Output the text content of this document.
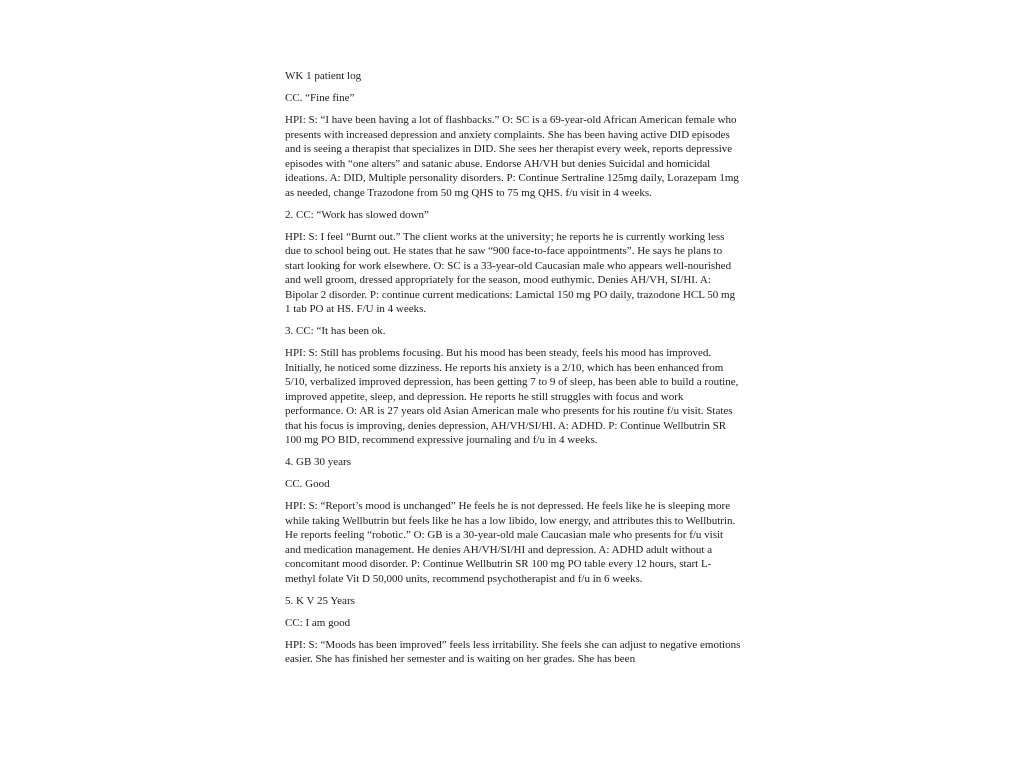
WK 1 patient log

CC. “Fine fine”

HPI: S: “I have been having a lot of flashbacks.” O: SC is a 69-year-old African American female who presents with increased depression and anxiety complaints. She has been having active DID episodes and is seeing a therapist that specializes in DID. She sees her therapist every week, reports depressive episodes with “one alters” and satanic abuse. Endorse AH/VH but denies Suicidal and homicidal ideations. A: DID, Multiple personality disorders. P: Continue Sertraline 125mg daily, Lorazepam 1mg as needed, change Trazodone from 50 mg QHS to 75 mg QHS. f/u visit in 4 weeks.

2. CC: “Work has slowed down”

HPI: S: I feel “Burnt out.” The client works at the university; he reports he is currently working less due to school being out. He states that he saw “900 face-to-face appointments”. He says he plans to start looking for work elsewhere. O: SC is a 33-year-old Caucasian male who appears well-nourished and well groom, dressed appropriately for the season, mood euthymic. Denies AH/VH, SI/HI. A: Bipolar 2 disorder. P: continue current medications: Lamictal 150 mg PO daily, trazodone HCL 50 mg 1 tab PO at HS. F/U in 4 weeks.

3. CC: “It has been ok.

HPI: S: Still has problems focusing. But his mood has been steady, feels his mood has improved. Initially, he noticed some dizziness. He reports his anxiety is a 2/10, which has been enhanced from 5/10, verbalized improved depression, has been getting 7 to 9 of sleep, has been able to build a routine, improved appetite, sleep, and depression. He reports he still struggles with focus and work performance. O: AR is 27 years old Asian American male who presents for his routine f/u visit. States that his focus is improving, denies depression, AH/VH/SI/HI. A: ADHD. P: Continue Wellbutrin SR 100 mg PO BID, recommend expressive journaling and f/u in 4 weeks.

4. GB 30 years

CC. Good

HPI: S: “Report’s mood is unchanged” He feels he is not depressed. He feels like he is sleeping more while taking Wellbutrin but feels like he has a low libido, low energy, and attributes this to Wellbutrin. He reports feeling “robotic.” O: GB is a 30-year-old male Caucasian male who presents for f/u visit and medication management. He denies AH/VH/SI/HI and depression. A: ADHD adult without a concomitant mood disorder. P: Continue Wellbutrin SR 100 mg PO table every 12 hours, start L-methyl folate Vit D 50,000 units, recommend psychotherapist and f/u in 6 weeks.

5. K V 25 Years

CC: I am good

HPI: S: “Moods has been improved” feels less irritability. She feels she can adjust to negative emotions easier. She has finished her semester and is waiting on her grades. She has been
